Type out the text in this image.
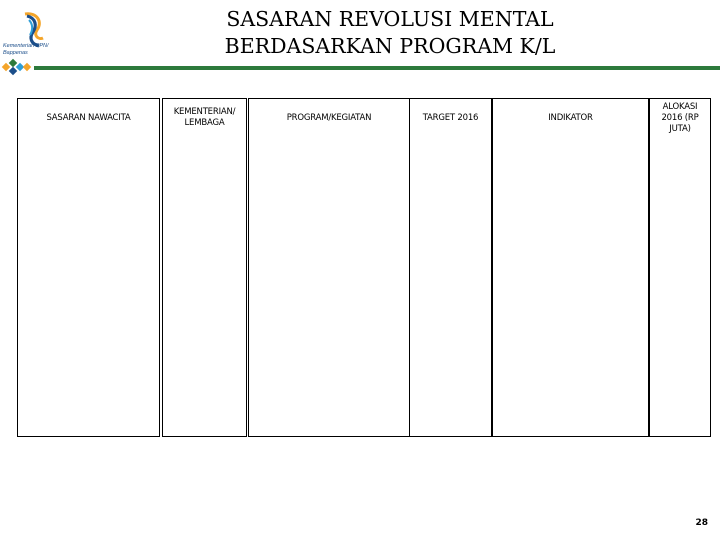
Kementerian PPN/
Bappenas
SASARAN REVOLUSI MENTAL
BERDASARKAN PROGRAM K/L
SASARAN NAWACITA
KEMENTERIAN/ LEMBAGA
PROGRAM/KEGIATAN	TARGET 2016	INDIKATOR
ALOKASI 2016 (RP JUTA)
28
